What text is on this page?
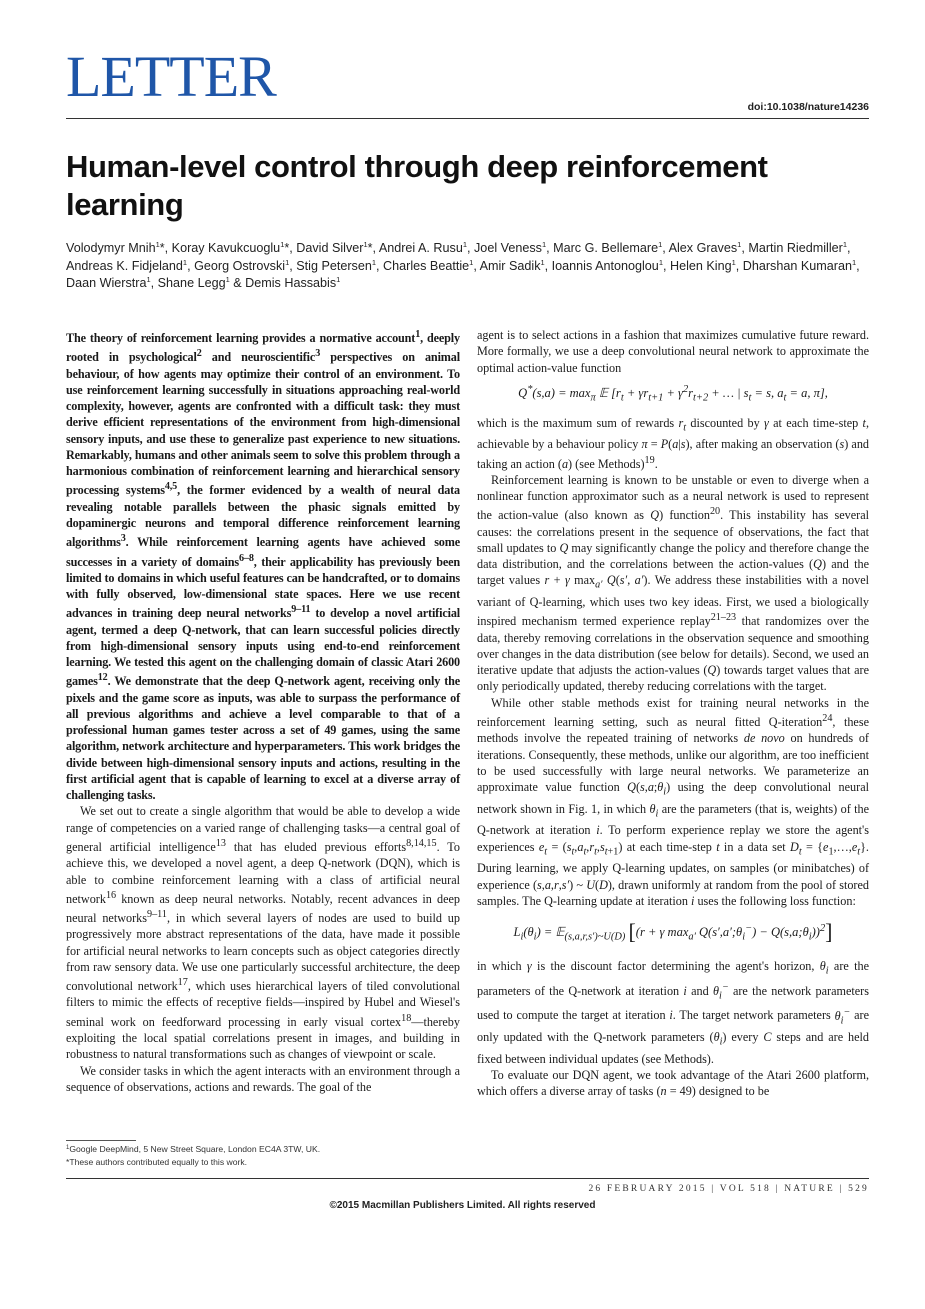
LETTER	doi:10.1038/nature14236
Human-level control through deep reinforcement learning

Volodymyr Mnih$^1$*, Koray Kavukcuoglu$^1$*, David Silver$^1$*, Andrei A. Rusu$^1$, Joel Veness$^1$, Marc G. Bellemare$^1$, Alex Graves$^1$, Martin Riedmiller$^1$, Andreas K. Fidjeland$^1$, Georg Ostrovski$^1$, Stig Petersen$^1$, Charles Beattie$^1$, Amir Sadik$^1$, Ioannis Antonoglou$^1$, Helen King$^1$, Dharshan Kumaran$^1$, Daan Wierstra$^1$, Shane Legg$^1$ & Demis Hassabis$^1$

The theory of reinforcement learning provides a normative account$^1$, deeply rooted in psychological$^2$ and neuroscientific$^3$ perspectives on animal behaviour, of how agents may optimize their control of an environment. To use reinforcement learning successfully in situations approaching real-world complexity, however, agents are confronted with a difficult task: they must derive efficient representations of the environment from high-dimensional sensory inputs, and use these to generalize past experience to new situations. Remarkably, humans and other animals seem to solve this problem through a harmonious combination of reinforcement learning and hierarchical sensory processing systems$^{4,5}$, the former evidenced by a wealth of neural data revealing notable parallels between the phasic signals emitted by dopaminergic neurons and temporal difference reinforcement learning algorithms$^3$. While reinforcement learning agents have achieved some successes in a variety of domains$^{6-8}$, their applicability has previously been limited to domains in which useful features can be handcrafted, or to domains with fully observed, low-dimensional state spaces. Here we use recent advances in training deep neural networks$^{9-11}$ to develop a novel artificial agent, termed a deep Q-network, that can learn successful policies directly from high-dimensional sensory inputs using end-to-end reinforcement learning. We tested this agent on the challenging domain of classic Atari 2600 games$^{12}$. We demonstrate that the deep Q-network agent, receiving only the pixels and the game score as inputs, was able to surpass the performance of all previous algorithms and achieve a level comparable to that of a professional human games tester across a set of 49 games, using the same algorithm, network architecture and hyperparameters. This work bridges the divide between high-dimensional sensory inputs and actions, resulting in the first artificial agent that is capable of learning to excel at a diverse array of challenging tasks.

We set out to create a single algorithm that would be able to develop a wide range of competencies on a varied range of challenging tasks—a central goal of general artificial intelligence$^{13}$ that has eluded previous efforts$^{8,14,15}$. To achieve this, we developed a novel agent, a deep Q-network (DQN), which is able to combine reinforcement learning with a class of artificial neural network$^{16}$ known as deep neural networks. Notably, recent advances in deep neural networks$^{9-11}$, in which several layers of nodes are used to build up progressively more abstract representations of the data, have made it possible for artificial neural networks to learn concepts such as object categories directly from raw sensory data. We use one particularly successful architecture, the deep convolutional network$^{17}$, which uses hierarchical layers of tiled convolutional filters to mimic the effects of receptive fields—inspired by Hubel and Wiesel's seminal work on feedforward processing in early visual cortex$^{18}$—thereby exploiting the local spatial correlations present in images, and building in robustness to natural transformations such as changes of viewpoint or scale.

We consider tasks in which the agent interacts with an environment through a sequence of observations, actions and rewards. The goal of the

agent is to select actions in a fashion that maximizes cumulative future reward. More formally, we use a deep convolutional neural network to approximate the optimal action-value function

$Q^*(s,a) = \max_\pi$ 𝔼 [$r_t + \gamma r_{t+1} + \gamma^2r_{t+2}$ + … | $s_t = s$, $a_t = a$, π],

which is the maximum sum of rewards $r_t$ discounted by γ at each time-step t, achievable by a behaviour policy π = P(a|s), after making an observation (s) and taking an action (a) (see Methods)$^{19}$.

Reinforcement learning is known to be unstable or even to diverge when a nonlinear function approximator such as a neural network is used to represent the action-value (also known as Q) function$^{20}$. This instability has several causes: the correlations present in the sequence of observations, the fact that small updates to Q may significantly change the policy and therefore change the data distribution, and the correlations between the action-values (Q) and the target values r + γ $\max_{a'} Q(s'$, a′). We address these instabilities with a novel variant of Q-learning, which uses two key ideas. First, we used a biologically inspired mechanism termed experience replay$^{21-23}$ that randomizes over the data, thereby removing correlations in the observation sequence and smoothing over changes in the data distribution (see below for details). Second, we used an iterative update that adjusts the action-values (Q) towards target values that are only periodically updated, thereby reducing correlations with the target.

While other stable methods exist for training neural networks in the reinforcement learning setting, such as neural fitted Q-iteration$^{24}$, these methods involve the repeated training of networks de novo on hundreds of iterations. Consequently, these methods, unlike our algorithm, are too inefficient to be used successfully with large neural networks. We parameterize an approximate value function $Q(s,a;\theta_i)$ using the deep convolutional neural network shown in Fig. 1, in which $\theta_i$ are the parameters (that is, weights) of the Q-network at iteration i. To perform experience replay we store the agent's experiences $e_t = (s_t,a_t,r_t,s_{t+1})$ at each time-step t in a data set $D_t$ = $\{e_1,\dots,e_t\}$. During learning, we apply Q-learning updates, on samples (or minibatches) of experience (s,a,r,s′) ~ U(D), drawn uniformly at random from the pool of stored samples. The Q-learning update at iteration i uses the following loss function:

$L_i(\theta_i)$ = 𝔼$_{(s,a,r,s')\sim U(D)}$ [(r + γ $\max_{a'}$ $Q(s',a';\theta_i^-)$ − $Q(s,a;\theta_i))^2$]

in which γ is the discount factor determining the agent's horizon, $\theta_i$ are the parameters of the Q-network at iteration i and $\theta_i^-$ are the network parameters used to compute the target at iteration i. The target network parameters $\theta_i^-$ are only updated with the Q-network parameters $(\theta_i)$ every C steps and are held fixed between individual updates (see Methods).

To evaluate our DQN agent, we took advantage of the Atari 2600 platform, which offers a diverse array of tasks (n = 49) designed to be

$^1$Google DeepMind, 5 New Street Square, London EC4A 3TW, UK.

*These authors contributed equally to this work.

26 FEBRUARY 2015 | VOL 518 | NATURE | 529
©2015 Macmillan Publishers Limited. All rights reserved
